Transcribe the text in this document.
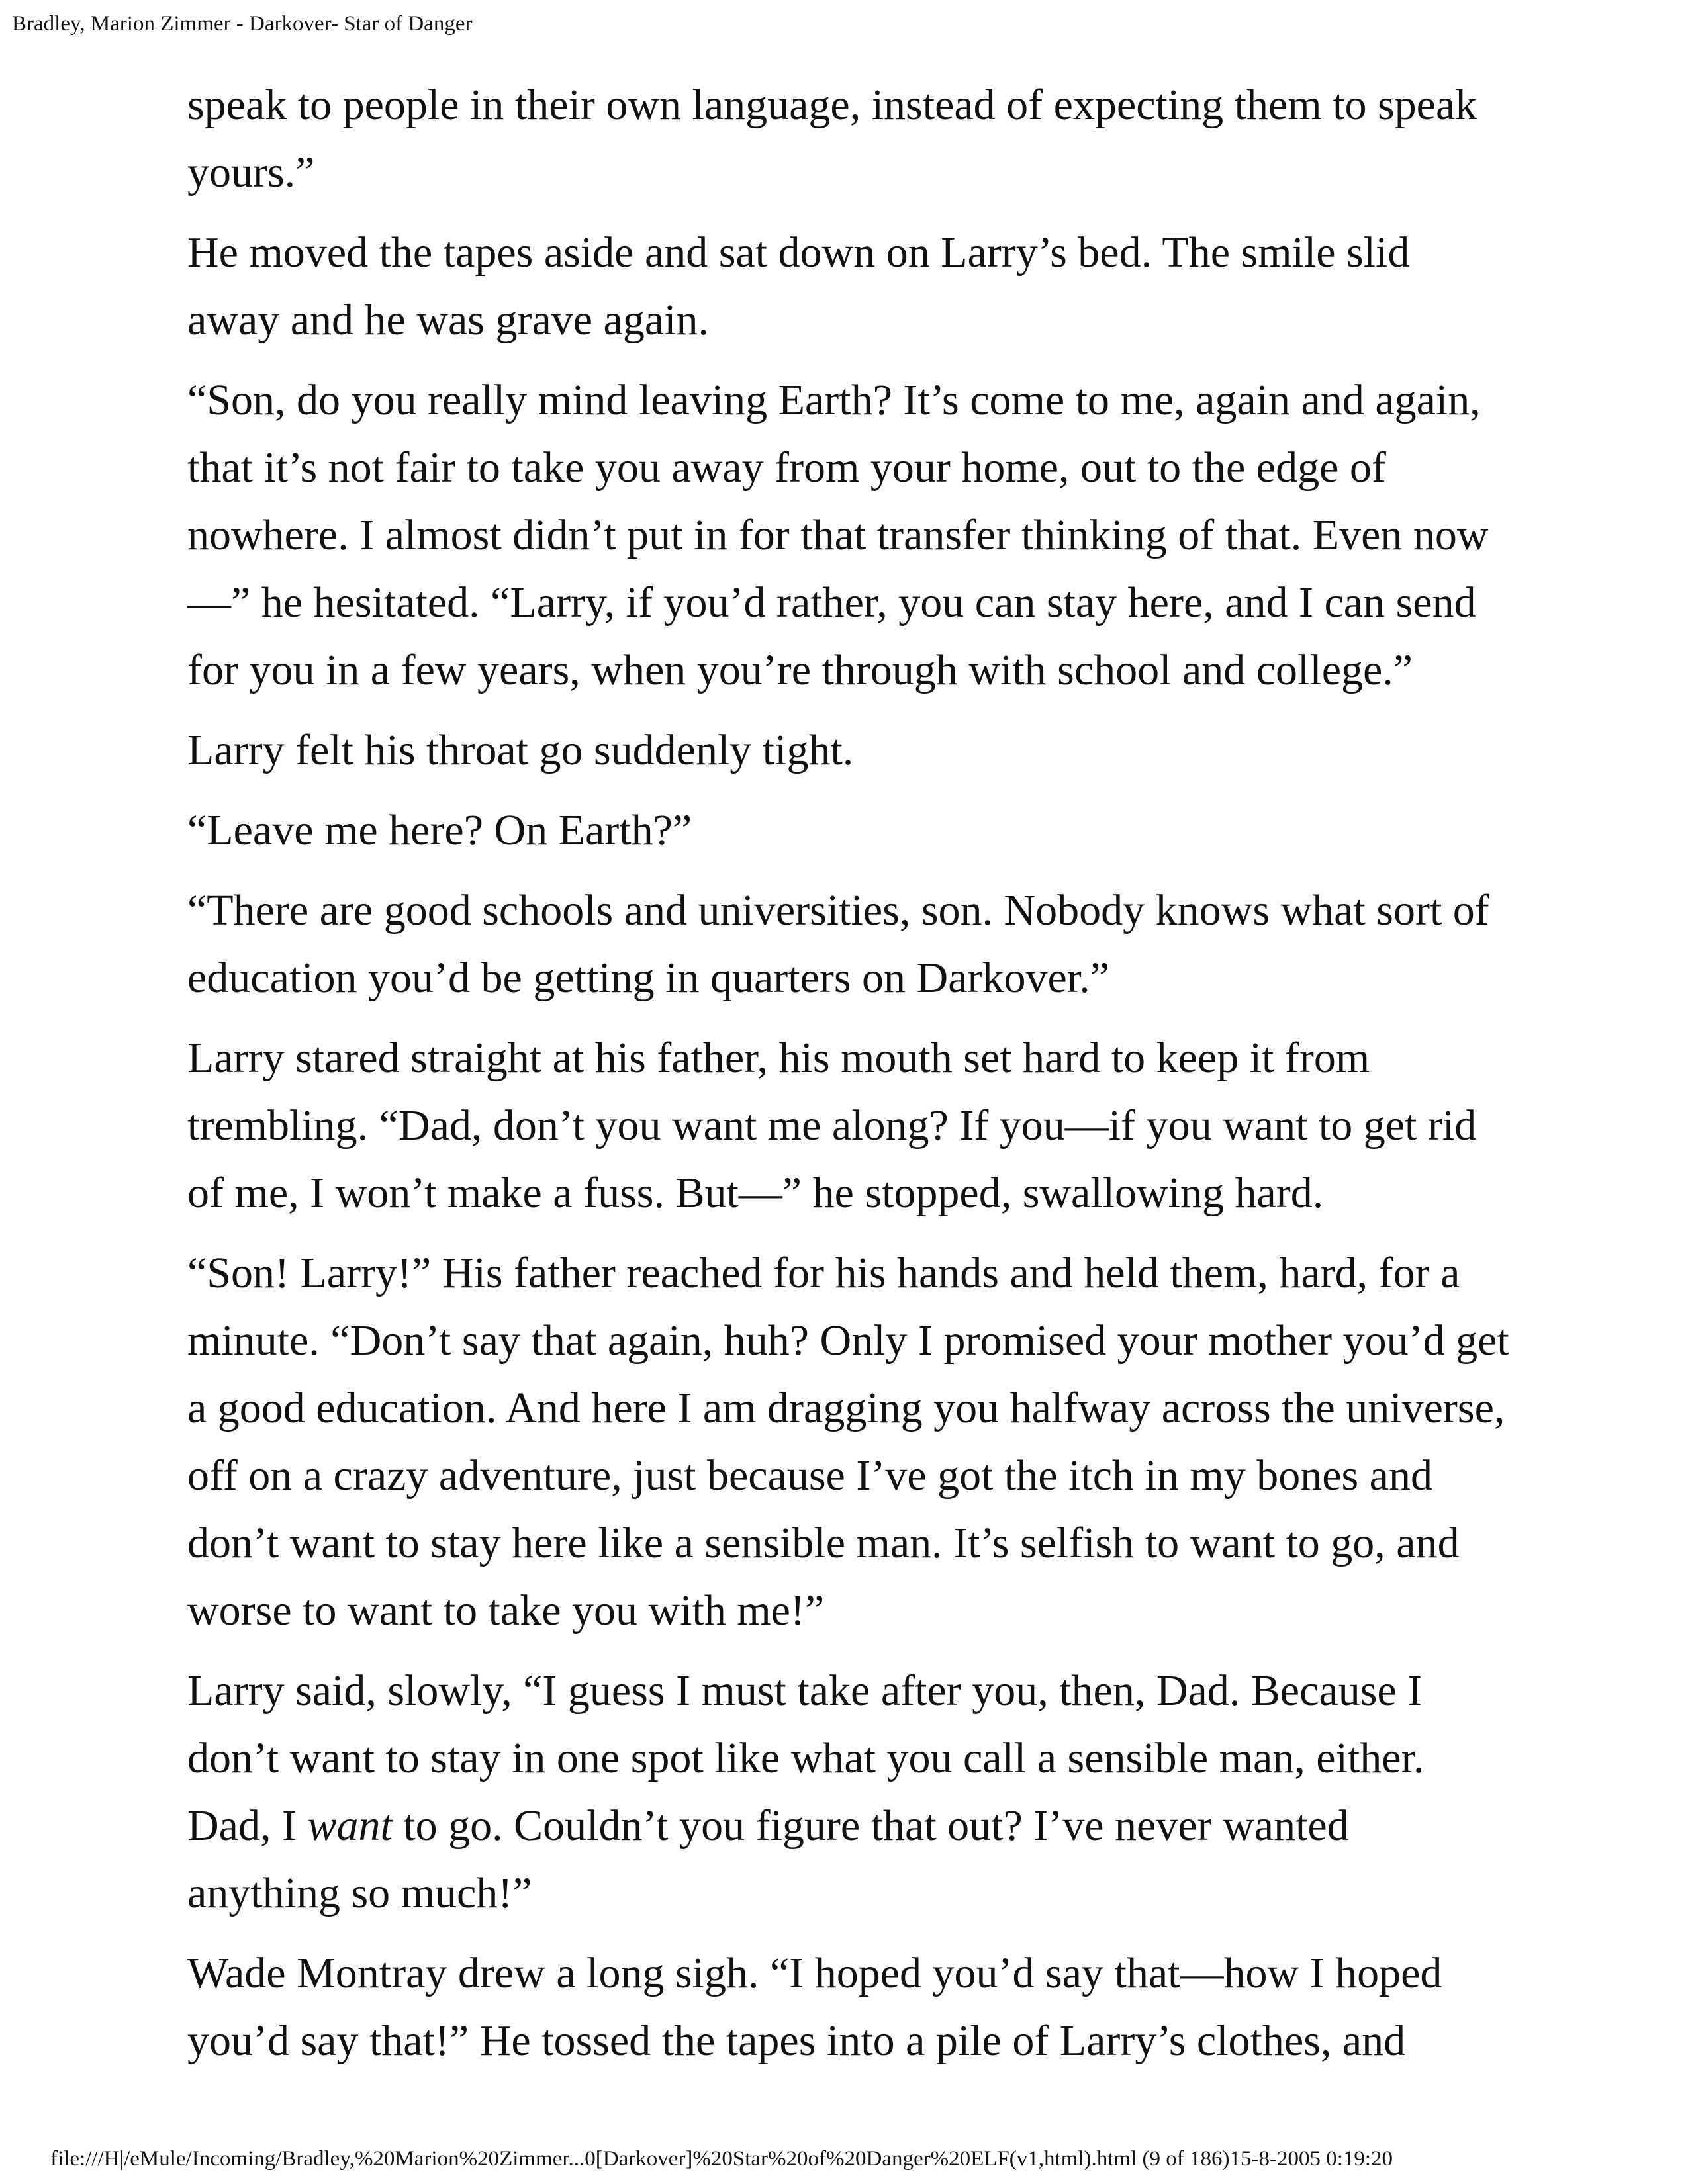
Bradley, Marion Zimmer - Darkover- Star of Danger

speak to people in their own language, instead of expecting them to speak
yours.”

He moved the tapes aside and sat down on Larry’s bed. The smile slid
away and he was grave again.

“Son, do you really mind leaving Earth? It’s come to me, again and again,
that it’s not fair to take you away from your home, out to the edge of
nowhere. I almost didn’t put in for that transfer thinking of that. Even now
—” he hesitated. “Larry, if you’d rather, you can stay here, and I can send
for you in a few years, when you’re through with school and college.”

Larry felt his throat go suddenly tight.

“Leave me here? On Earth?”

“There are good schools and universities, son. Nobody knows what sort of
education you’d be getting in quarters on Darkover.”

Larry stared straight at his father, his mouth set hard to keep it from
trembling. “Dad, don’t you want me along? If you—if you want to get rid
of me, I won’t make a fuss. But—” he stopped, swallowing hard.

“Son! Larry!” His father reached for his hands and held them, hard, for a
minute. “Don’t say that again, huh? Only I promised your mother you’d get
a good education. And here I am dragging you halfway across the universe,
off on a crazy adventure, just because I’ve got the itch in my bones and
don’t want to stay here like a sensible man. It’s selfish to want to go, and
worse to want to take you with me!”

Larry said, slowly, “I guess I must take after you, then, Dad. Because I
don’t want to stay in one spot like what you call a sensible man, either.
Dad, I want to go. Couldn’t you figure that out? I’ve never wanted
anything so much!”

Wade Montray drew a long sigh. “I hoped you’d say that—how I hoped
you’d say that!” He tossed the tapes into a pile of Larry’s clothes, and

file:///H|/eMule/Incoming/Bradley,%20Marion%20Zimmer...0[Darkover]%20Star%20of%20Danger%20ELF(v1,html).html (9 of 186)15-8-2005 0:19:20
